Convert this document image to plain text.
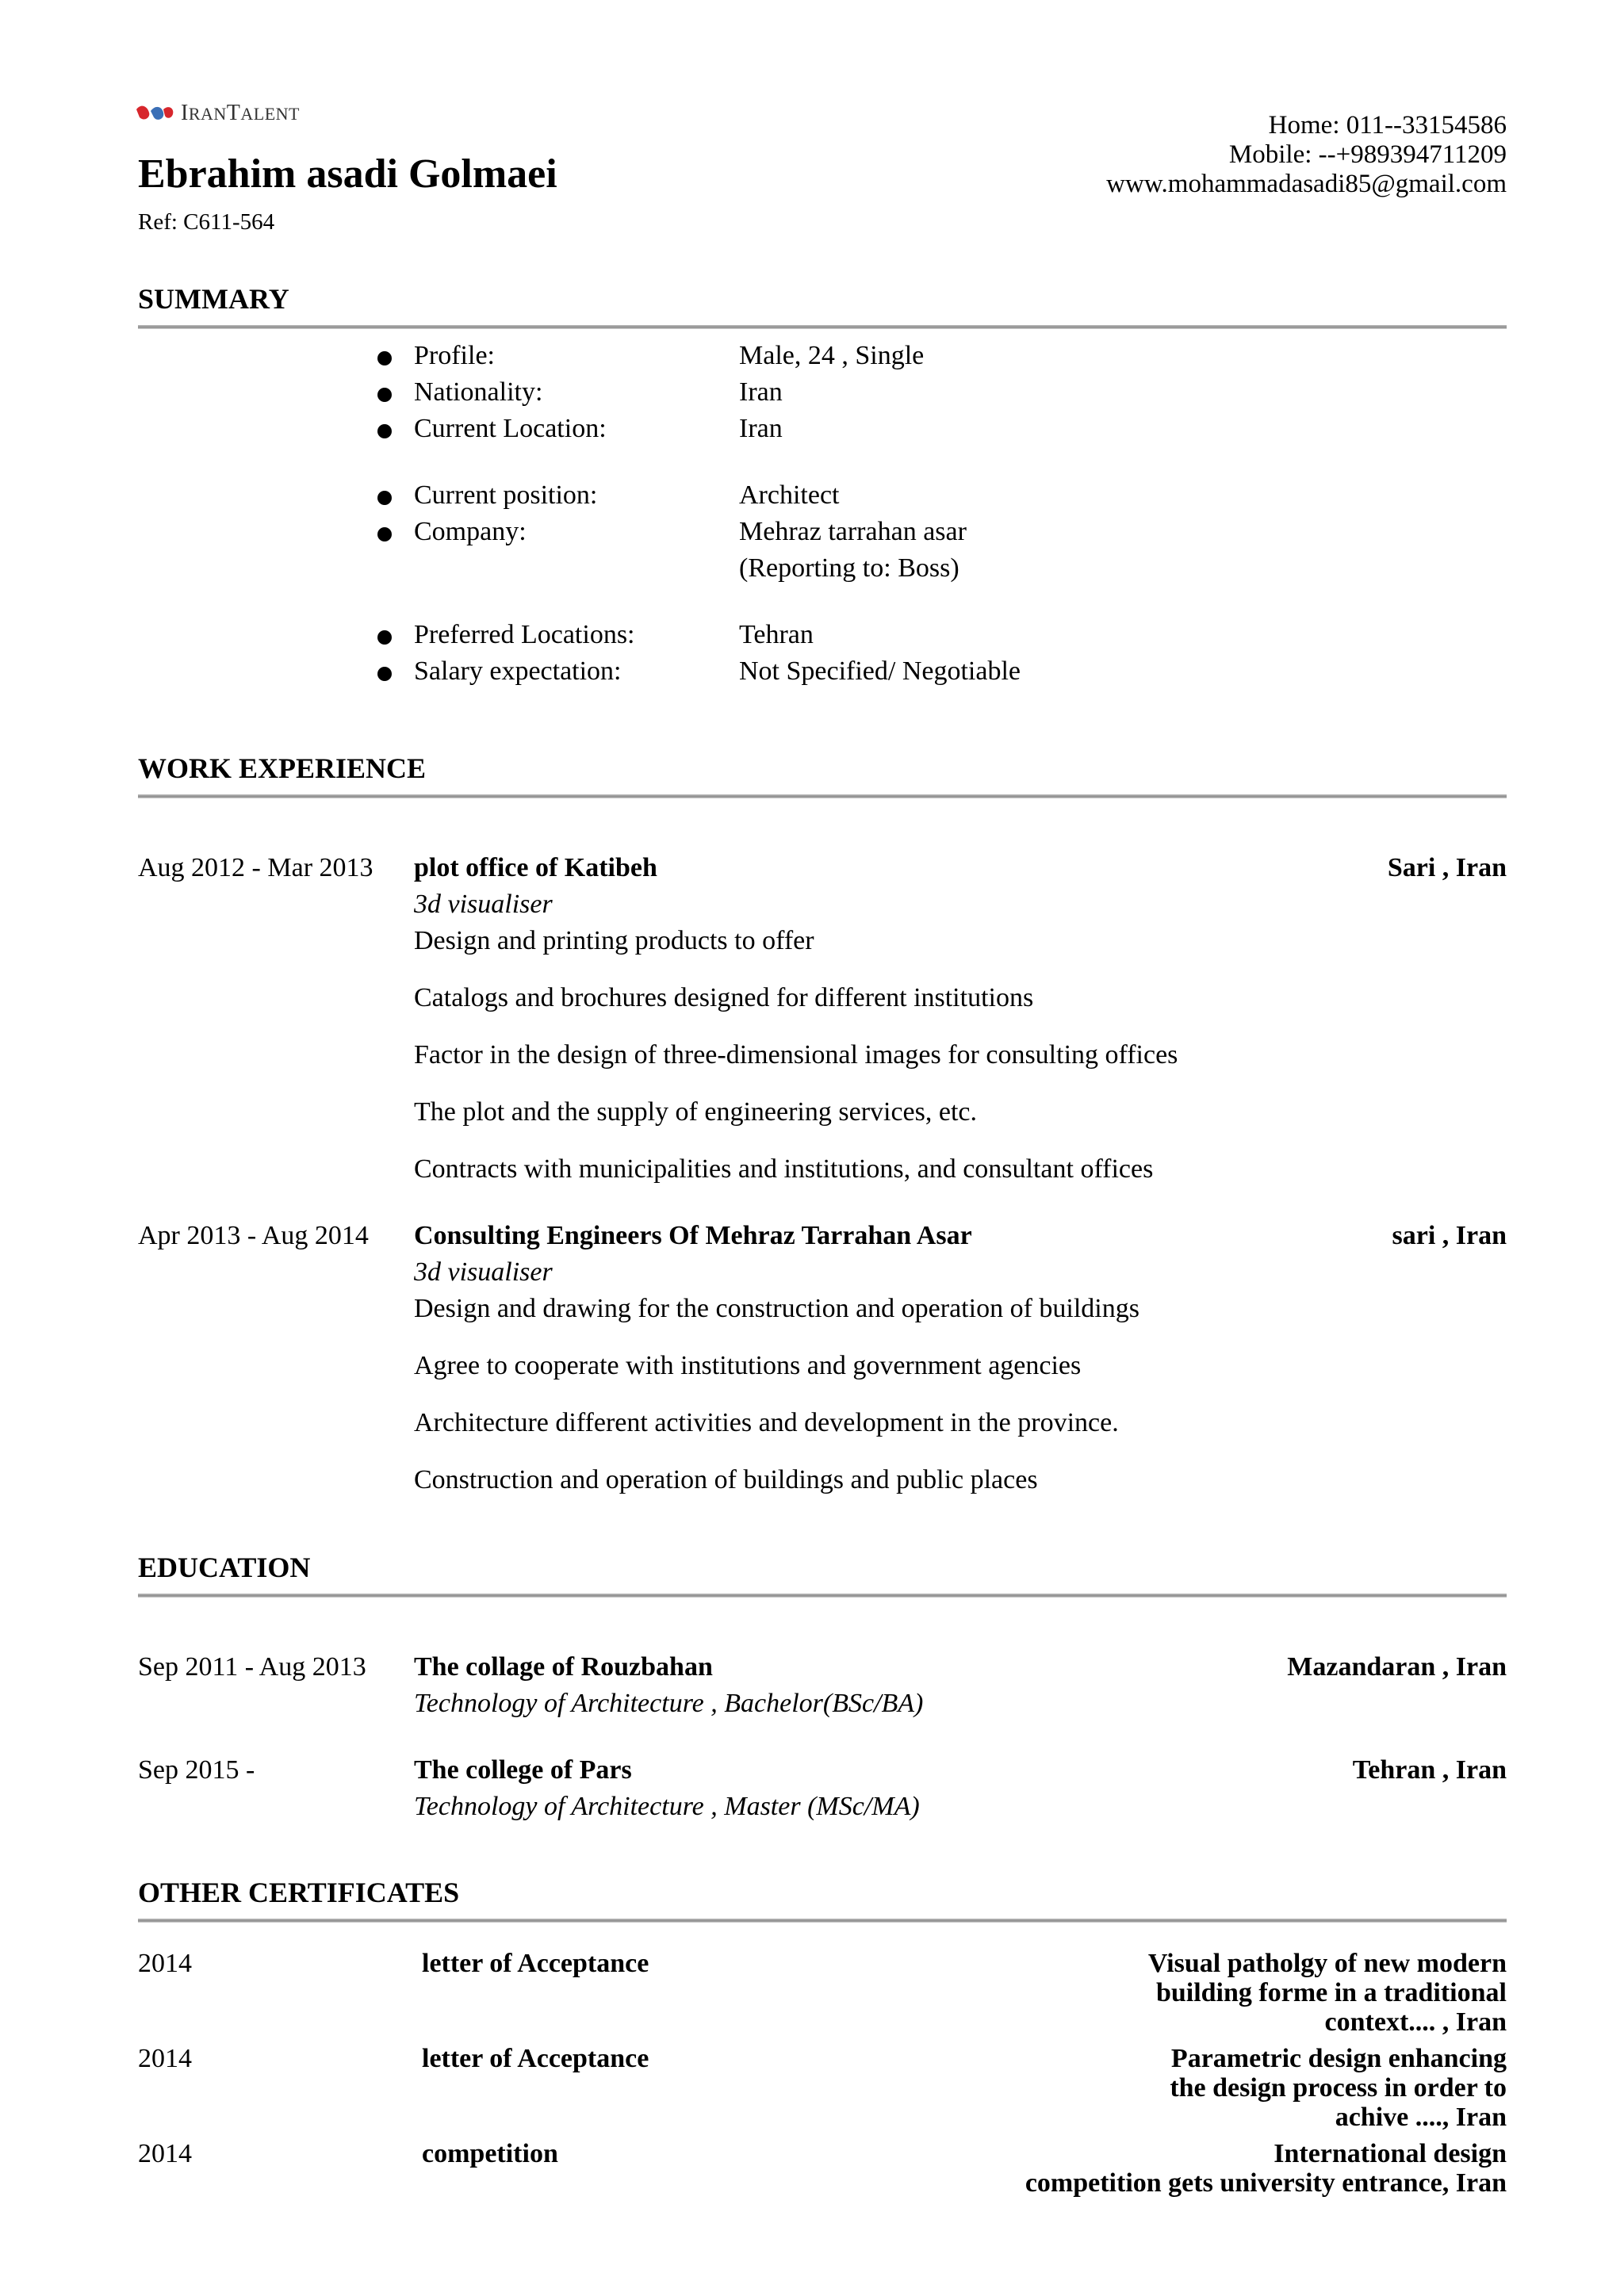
IRANTALENT
Ebrahim asadi Golmaei
Ref: C611-564
Home: 011--33154586
Mobile: --+989394711209
www.mohammadasadi85@gmail.com
SUMMARY
Profile:	Male, 24 , Single
Nationality:	Iran
Current Location:	Iran
Current position:	Architect
Company:	Mehraz tarrahan asar
(Reporting to: Boss)
Preferred Locations:	Tehran
Salary expectation:	Not Specified/ Negotiable
WORK EXPERIENCE
Aug 2012 - Mar 2013 plot office of Katibeh	Sari , Iran
3d visualiser
Design and printing products to offer
Catalogs and brochures designed for different institutions
Factor in the design of three-dimensional images for consulting offices
The plot and the supply of engineering services, etc.
Contracts with municipalities and institutions, and consultant offices
Apr 2013 - Aug 2014 Consulting Engineers Of Mehraz Tarrahan Asar	sari , Iran
3d visualiser
Design and drawing for the construction and operation of buildings
Agree to cooperate with institutions and government agencies
Architecture different activities and development in the province.
Construction and operation of buildings and public places
EDUCATION
Sep 2011 - Aug 2013 The collage of Rouzbahan	Mazandaran , Iran
Technology of Architecture , Bachelor(BSc/BA)
Sep 2015 -	The college of Pars	Tehran , Iran
Technology of Architecture , Master (MSc/MA)
OTHER CERTIFICATES
2014	letter of Acceptance	Visual patholgy of new modern
building forme in a traditional
context.... , Iran
2014	letter of Acceptance	Parametric design enhancing
the design process in order to
achive ...., Iran
2014	competition	International design
competition gets university entrance, Iran
